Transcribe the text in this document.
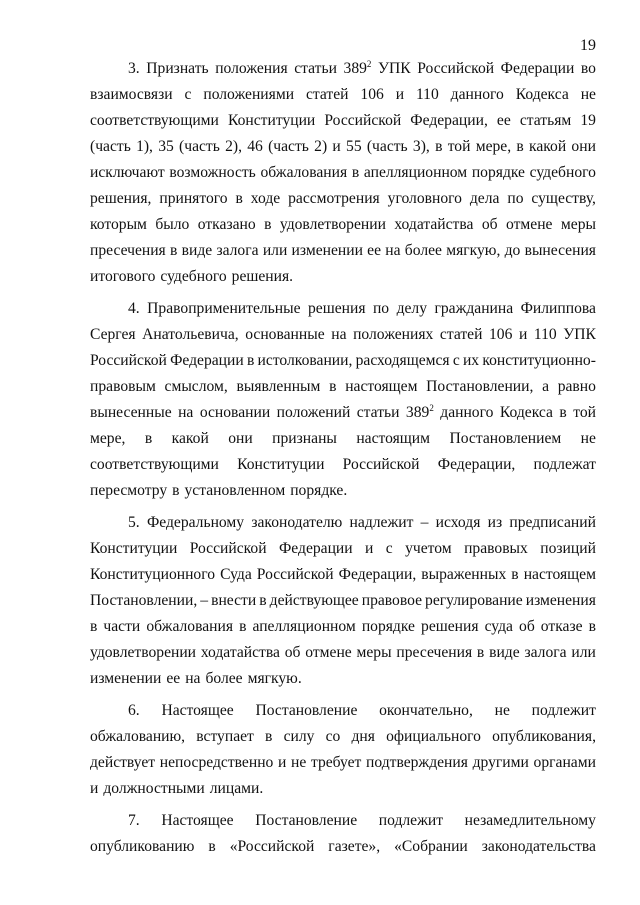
19
3. Признать положения статьи $389^2$ УПК Российской Федерации во
взаимосвязи с положениями статей 106 и 110 данного Кодекса не
соответствующими Конституции Российской Федерации, ее статьям 19
(часть 1), 35 (часть 2), 46 (часть 2) и 55 (часть 3), в той мере, в какой они
исключают возможность обжалования в апелляционном порядке судебного
решения, принятого в ходе рассмотрения уголовного дела по существу,
которым было отказано в удовлетворении ходатайства об отмене меры
пресечения в виде залога или изменении ее на более мягкую, до вынесения
итогового судебного решения.
4. Правоприменительные решения по делу гражданина Филиппова
Сергея Анатольевича, основанные на положениях статей 106 и 110 УПК
Российской Федерации в истолковании, расходящемся с их конституционно-
правовым смыслом, выявленным в настоящем Постановлении, а равно
вынесенные на основании положений статьи $389^2$ данного Кодекса в той
мере, в какой они признаны настоящим Постановлением не
соответствующими Конституции Российской Федерации, подлежат
пересмотру в установленном порядке.
5. Федеральному законодателю надлежит – исходя из предписаний
Конституции Российской Федерации и с учетом правовых позиций
Конституционного Суда Российской Федерации, выраженных в настоящем
Постановлении, – внести в действующее правовое регулирование изменения
в части обжалования в апелляционном порядке решения суда об отказе в
удовлетворении ходатайства об отмене меры пресечения в виде залога или
изменении ее на более мягкую.
6. Настоящее Постановление окончательно, не подлежит
обжалованию, вступает в силу со дня официального опубликования,
действует непосредственно и не требует подтверждения другими органами
и должностными лицами.
7. Настоящее Постановление подлежит незамедлительному
опубликованию в «Российской газете», «Собрании законодательства
